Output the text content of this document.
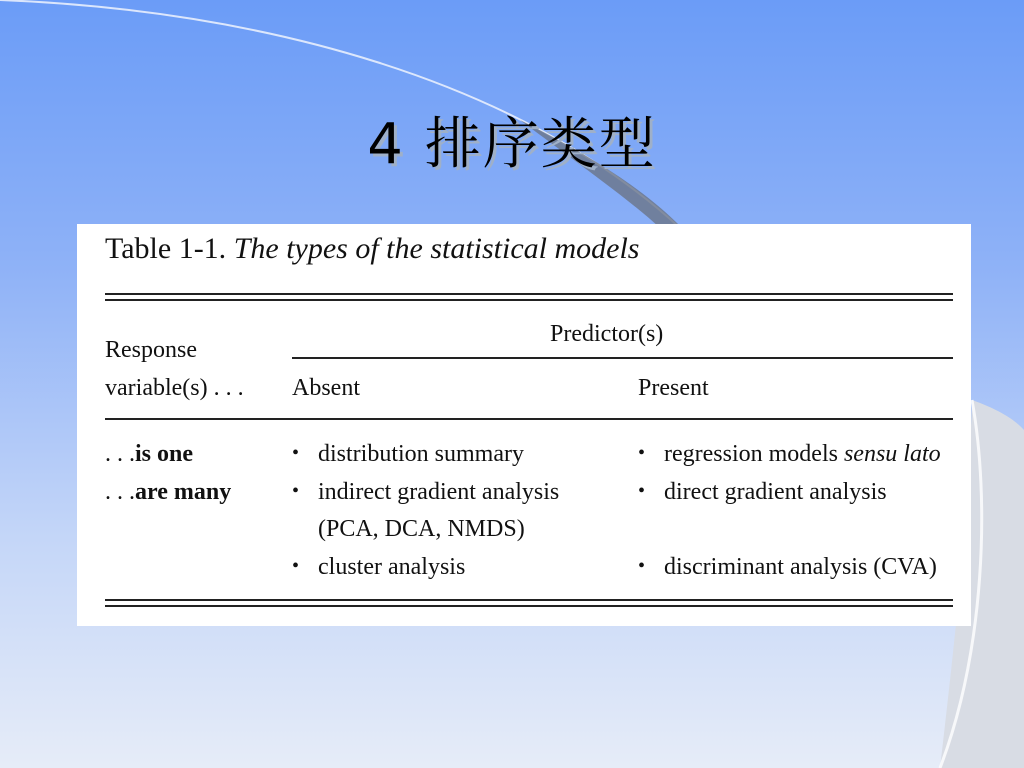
4 排序类型
Table 1-1. The types of the statistical models
Response
variable(s) . . .
Predictor(s)
Absent	Present
. . .is one
. . .are many
• distribution summary
• indirect gradient analysis
(PCA, DCA, NMDS)
• cluster analysis
• regression models sensu lato
• direct gradient analysis
• discriminant analysis (CVA)
